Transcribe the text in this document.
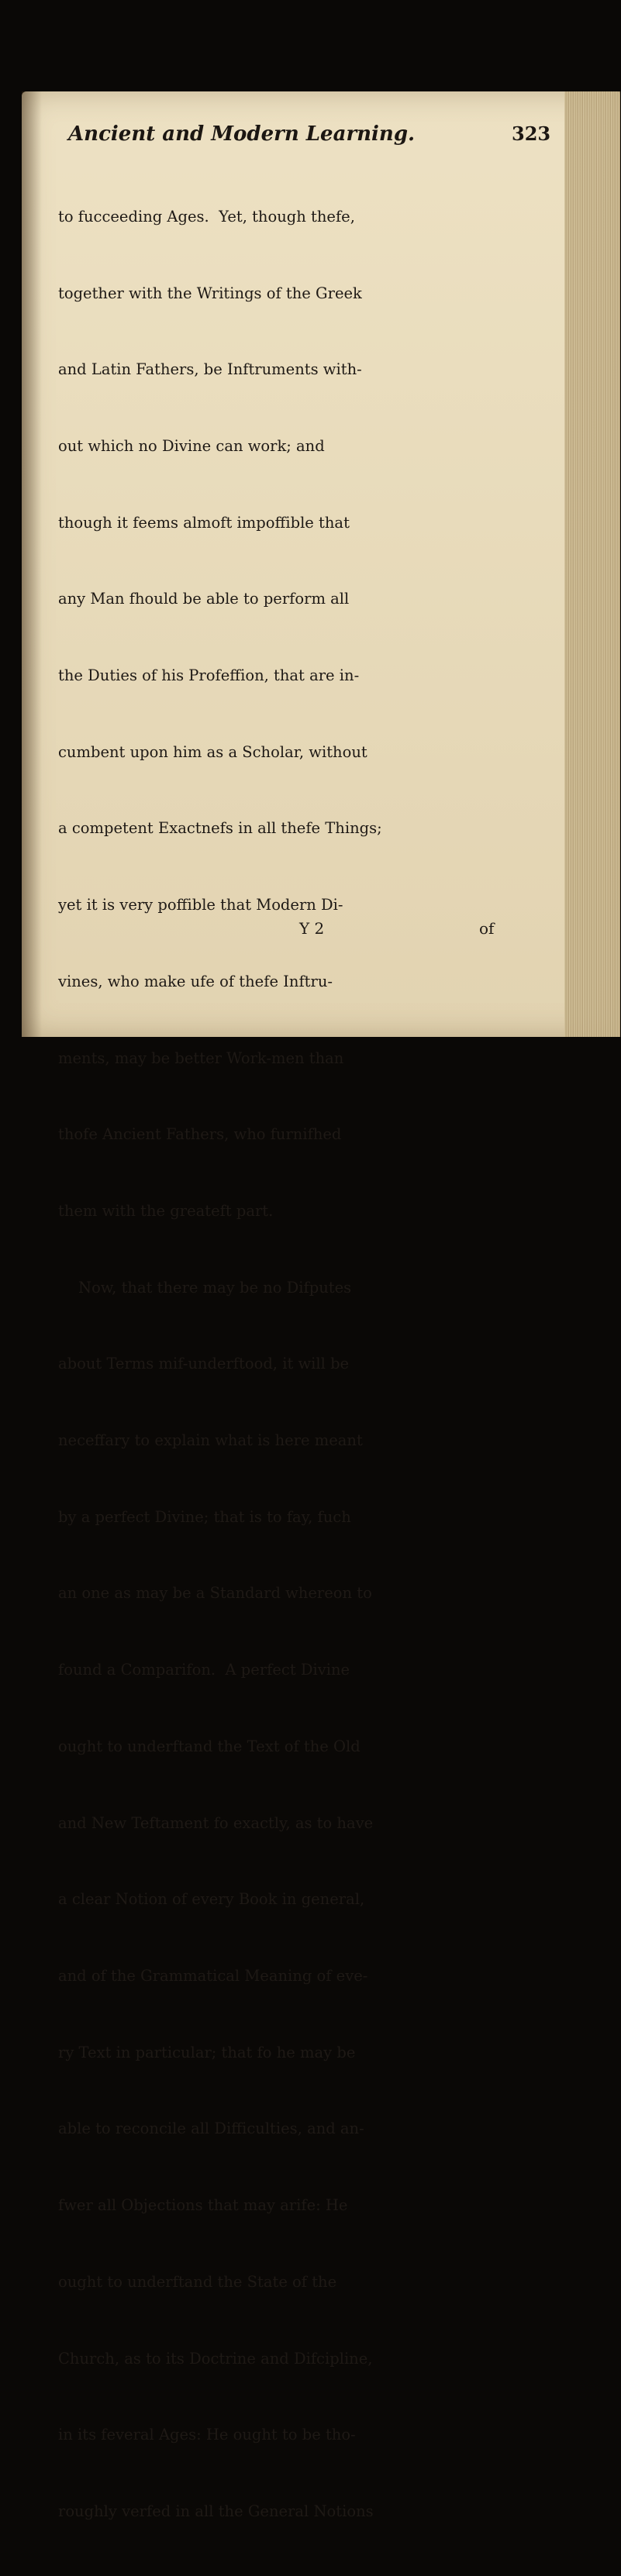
Ancient and Modern Learning.	323

to fucceeding Ages.  Yet, though thefe,

together with the Writings of the Greek

and Latin Fathers, be Inftruments with-

out which no Divine can work; and

though it feems almoft impoffible that

any Man fhould be able to perform all

the Duties of his Profeffion, that are in-

cumbent upon him as a Scholar, without

a competent Exactnefs in all thefe Things;

yet it is very poffible that Modern Di-

vines, who make ufe of thefe Inftru-

ments, may be better Work-men than

thofe Ancient Fathers, who furnifhed

them with the greateft part.

Now, that there may be no Difputes

about Terms mif-underftood, it will be

neceffary to explain what is here meant

by a perfect Divine; that is to fay, fuch

an one as may be a Standard whereon to

found a Comparifon.  A perfect Divine

ought to underftand the Text of the Old

and New Teftament fo exactly, as to have

a clear Notion of every Book in general,

and of the Grammatical Meaning of eve-

ry Text in particular; that fo he may be

able to reconcile all Difficulties, and an-

fwer all Objections that may arife: He

ought to underftand the State of the

Church, as to its Doctrine and Difcipline,

in its feveral Ages: He ought to be tho-

roughly verfed in all the General Notions

Y 2	of
